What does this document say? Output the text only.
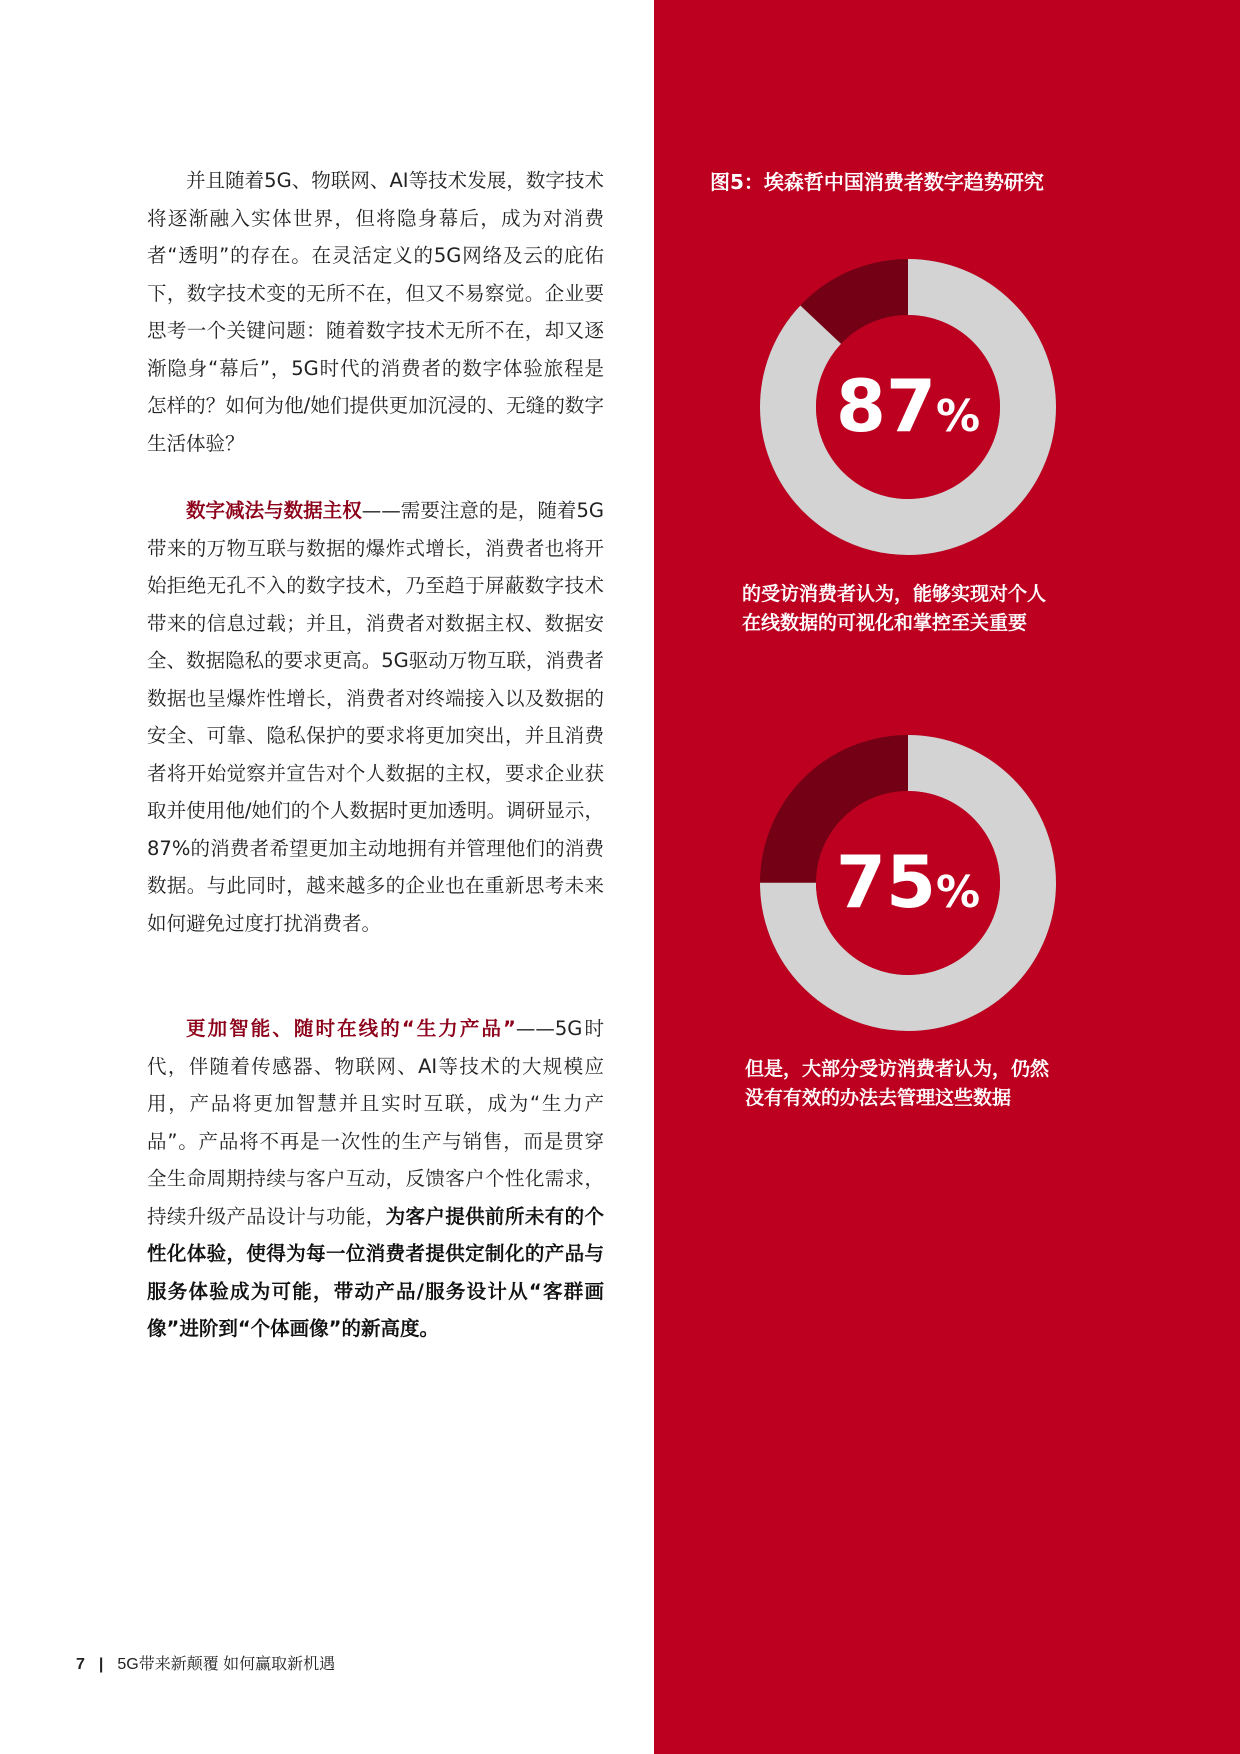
并且随着5G、物联网、AI等技术发展，数字技术将逐渐融入实体世界，但将隐身幕后，成为对消费者“透明”的存在。在灵活定义的5G网络及云的庇佑下，数字技术变的无所不在，但又不易察觉。企业要思考一个关键问题：随着数字技术无所不在，却又逐渐隐身“幕后”，5G时代的消费者的数字体验旅程是怎样的？如何为他/她们提供更加沉浸的、无缝的数字生活体验？

数字减法与数据主权——需要注意的是，随着5G带来的万物互联与数据的爆炸式增长，消费者也将开始拒绝无孔不入的数字技术，乃至趋于屏蔽数字技术带来的信息过载；并且，消费者对数据主权、数据安全、数据隐私的要求更高。5G驱动万物互联，消费者数据也呈爆炸性增长，消费者对终端接入以及数据的安全、可靠、隐私保护的要求将更加突出，并且消费者将开始觉察并宣告对个人数据的主权，要求企业获取并使用他/她们的个人数据时更加透明。调研显示，87%的消费者希望更加主动地拥有并管理他们的消费数据。与此同时，越来越多的企业也在重新思考未来如何避免过度打扰消费者。

更加智能、随时在线的“生力产品”——5G时代，伴随着传感器、物联网、AI等技术的大规模应用，产品将更加智慧并且实时互联，成为“生力产品”。产品将不再是一次性的生产与销售，而是贯穿全生命周期持续与客户互动，反馈客户个性化需求，持续升级产品设计与功能，为客户提供前所未有的个性化体验，使得为每一位消费者提供定制化的产品与服务体验成为可能，带动产品/服务设计从“客群画像”进阶到“个体画像”的新高度。

图5：埃森哲中国消费者数字趋势研究

87%

的受访消费者认为，能够实现对个人
在线数据的可视化和掌控至关重要

75%

但是，大部分受访消费者认为，仍然
没有有效的办法去管理这些数据

7 | 5G带来新颠覆 如何赢取新机遇
